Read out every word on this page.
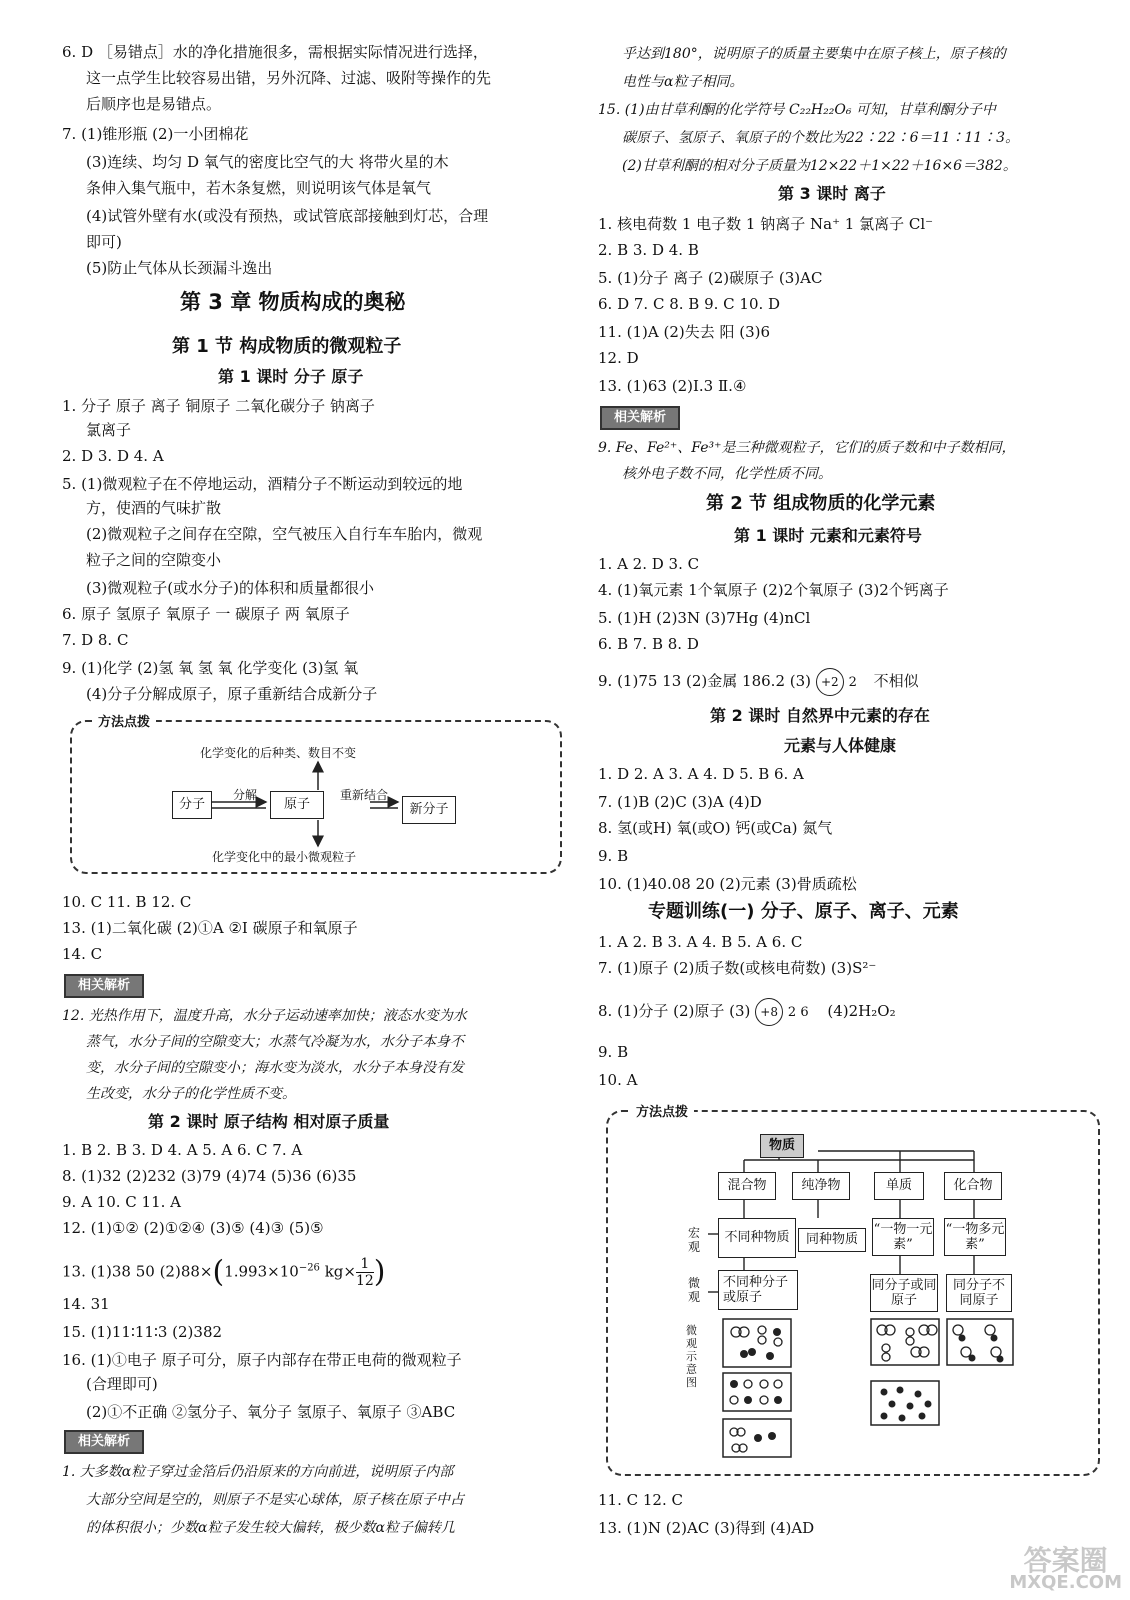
6. D ［易错点］水的净化措施很多，需根据实际情况进行选择，
这一点学生比较容易出错，另外沉降、过滤、吸附等操作的先
后顺序也是易错点。
7. (1)锥形瓶 (2)一小团棉花
(3)连续、均匀 D 氧气的密度比空气的大 将带火星的木
条伸入集气瓶中，若木条复燃，则说明该气体是氧气
(4)试管外壁有水(或没有预热，或试管底部接触到灯芯，合理
即可)
(5)防止气体从长颈漏斗逸出
第 3 章 物质构成的奥秘
第 1 节 构成物质的微观粒子
第 1 课时 分子 原子
1. 分子 原子 离子 铜原子 二氧化碳分子 钠离子
氯离子
2. D 3. D 4. A
5. (1)微观粒子在不停地运动，酒精分子不断运动到较远的地
方，使酒的气味扩散
(2)微观粒子之间存在空隙，空气被压入自行车车胎内，微观
粒子之间的空隙变小
(3)微观粒子(或水分子)的体积和质量都很小
6. 原子 氢原子 氧原子 一 碳原子 两 氧原子
7. D 8. C
9. (1)化学 (2)氢 氧 氢 氧 化学变化 (3)氢 氧
(4)分子分解成原子，原子重新结合成新分子
方法点拨
化学变化的后种类、数目不变
分子
分解
原子
重新结合
新分子
化学变化中的最小微观粒子
10. C 11. B 12. C
13. (1)二氧化碳 (2)①A ②Ⅰ 碳原子和氧原子
14. C
相关解析
12. 光热作用下，温度升高，水分子运动速率加快；液态水变为水
蒸气，水分子间的空隙变大；水蒸气冷凝为水，水分子本身不
变，水分子间的空隙变小；海水变为淡水，水分子本身没有发
生改变，水分子的化学性质不变。
第 2 课时 原子结构 相对原子质量
1. B 2. B 3. D 4. A 5. A 6. C 7. A
8. (1)32 (2)232 (3)79 (4)74 (5)36 (6)35
9. A 10. C 11. A
12. (1)①② (2)①②④ (3)⑤ (4)③ (5)⑤
13. (1)38 50 $(2)88\times(1.993\times 10^{-26}$ $kg\times \frac{1}{12}$ )
14. 31
15. (1)11∶11∶3 (2)382
16. (1)①电子 原子可分，原子内部存在带正电荷的微观粒子
(合理即可)
(2)①不正确 ②氢分子、氧分子 氢原子、氧原子 ③ABC
相关解析
1. 大多数α粒子穿过金箔后仍沿原来的方向前进，说明原子内部
大部分空间是空的，则原子不是实心球体，原子核在原子中占
的体积很小；少数α粒子发生较大偏转，极少数α粒子偏转几
乎达到180°，说明原子的质量主要集中在原子核上，原子核的
电性与α粒子相同。
15. (1)由甘草利酮的化学符号 C₂₂H₂₂O₆ 可知，甘草利酮分子中
碳原子、氢原子、氧原子的个数比为22∶22∶6＝11∶11∶3。
(2)甘草利酮的相对分子质量为12×22＋1×22＋16×6＝382。
第 3 课时 离子
1. 核电荷数 1 电子数 1 钠离子 Na⁺ 1 氯离子 Cl⁻
2. B 3. D 4. B
5. (1)分子 离子 (2)碳原子 (3)AC
6. D 7. C 8. B 9. C 10. D
11. (1)A (2)失去 阳 (3)6
12. D
13. (1)63 (2)Ⅰ.3 Ⅱ.④
相关解析
9. Fe、Fe²⁺、Fe³⁺是三种微观粒子，它们的质子数和中子数相同，
核外电子数不同，化学性质不同。
第 2 节 组成物质的化学元素
第 1 课时 元素和元素符号
1. A 2. D 3. C
4. (1)氧元素 1个氧原子 (2)2个氧原子 (3)2个钙离子
5. (1)H (2)3N (3)7Hg (4)nCl
6. B 7. B 8. D
9. (1)75 13 (2)金属 186.2 (3) +2 2 不相似
第 2 课时 自然界中元素的存在
元素与人体健康
1. D 2. A 3. A 4. D 5. B 6. A
7. (1)B (2)C (3)A (4)D
8. 氢(或H) 氧(或O) 钙(或Ca) 氮气
9. B
10. (1)40.08 20 (2)元素 (3)骨质疏松
专题训练(一) 分子、原子、离子、元素
1. A 2. B 3. A 4. B 5. A 6. C
7. (1)原子 (2)质子数(或核电荷数) (3)S²⁻
8. (1)分子 (2)原子 (3) +8 2 6 (4)2H₂O₂
9. B
10. A
方法点拨
物质
混合物	纯净物	单质	化合物
宏观
不同种物质	同种物质
“一物一元素”
“一物多元素”
微观
不同种分子或原子
同分子或同原子
同分子不同原子
微观示意图
11. C 12. C
13. (1)N (2)AC (3)得到 (4)AD
答案圈
MXQE.COM
